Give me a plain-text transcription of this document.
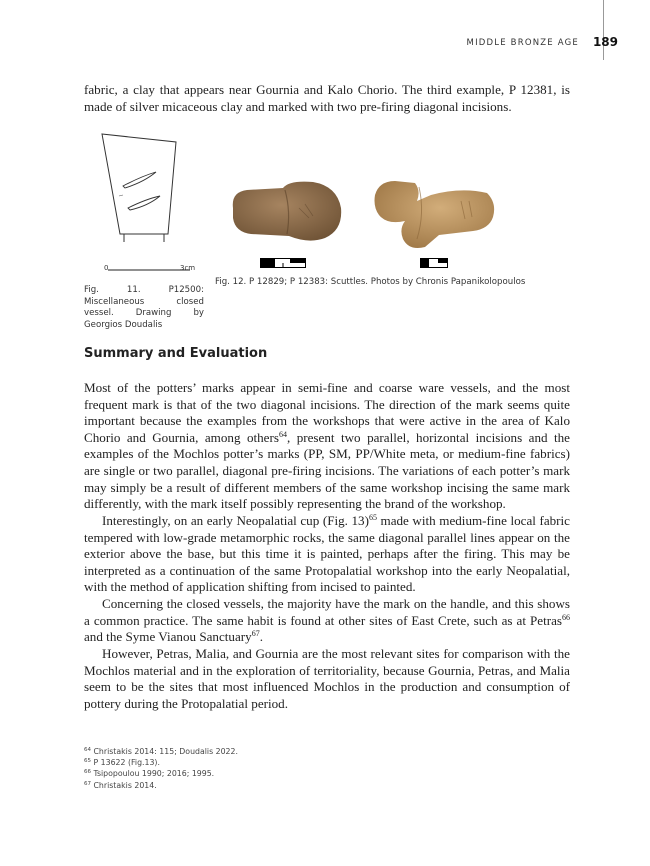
MIDDLE BRONZE AGE 189

fabric, a clay that appears near Gournia and Kalo Chorio. The third example, P 12381, is made of silver micaceous clay and marked with two pre-firing diagonal incisions.

0	3cm
Fig. 12. P 12829; P 12383: Scuttles. Photos by Chronis Papanikolopoulos
Fig. 11. P12500: Miscellaneous closed vessel. Drawing by Georgios Doudalis
Summary and Evaluation

Most of the potters’ marks appear in semi-fine and coarse ware vessels, and the most frequent mark is that of the two diagonal incisions. The direction of the mark seems quite important because the examples from the workshops that were active in the area of Kalo Chorio and Gournia, among others$^{64}$, present two parallel, horizontal incisions and the examples of the Mochlos potter’s marks (PP, SM, PP/White meta, or medium-fine fabrics) are single or two parallel, diagonal pre-firing incisions. The variations of each potter’s mark may simply be a result of different members of the same workshop incising the same mark differently, with the mark itself possibly representing the brand of the workshop.

Interestingly, on an early Neopalatial cup (Fig. 13)$^{65}$ made with medium-fine local fabric tempered with low-grade metamorphic rocks, the same diagonal parallel lines appear on the exterior above the base, but this time it is painted, perhaps after the firing. This may be interpreted as a continuation of the same Protopalatial workshop into the early Neopalatial, with the method of application shifting from incised to painted.

Concerning the closed vessels, the majority have the mark on the handle, and this shows a common practice. The same habit is found at other sites of East Crete, such as at Petras$^{66}$ and the Syme Vianou Sanctuary$^{67}$.

However, Petras, Malia, and Gournia are the most relevant sites for comparison with the Mochlos material and in the exploration of territoriality, because Gournia, Petras, and Malia seem to be the sites that most influenced Mochlos in the production and consumption of pottery during the Protopalatial period.

$^{64}$ Christakis 2014: 115; Doudalis 2022.
$^{65}$ P 13622 (Fig.13).
$^{66}$ Tsipopoulou 1990; 2016; 1995.
$^{67}$ Christakis 2014.
